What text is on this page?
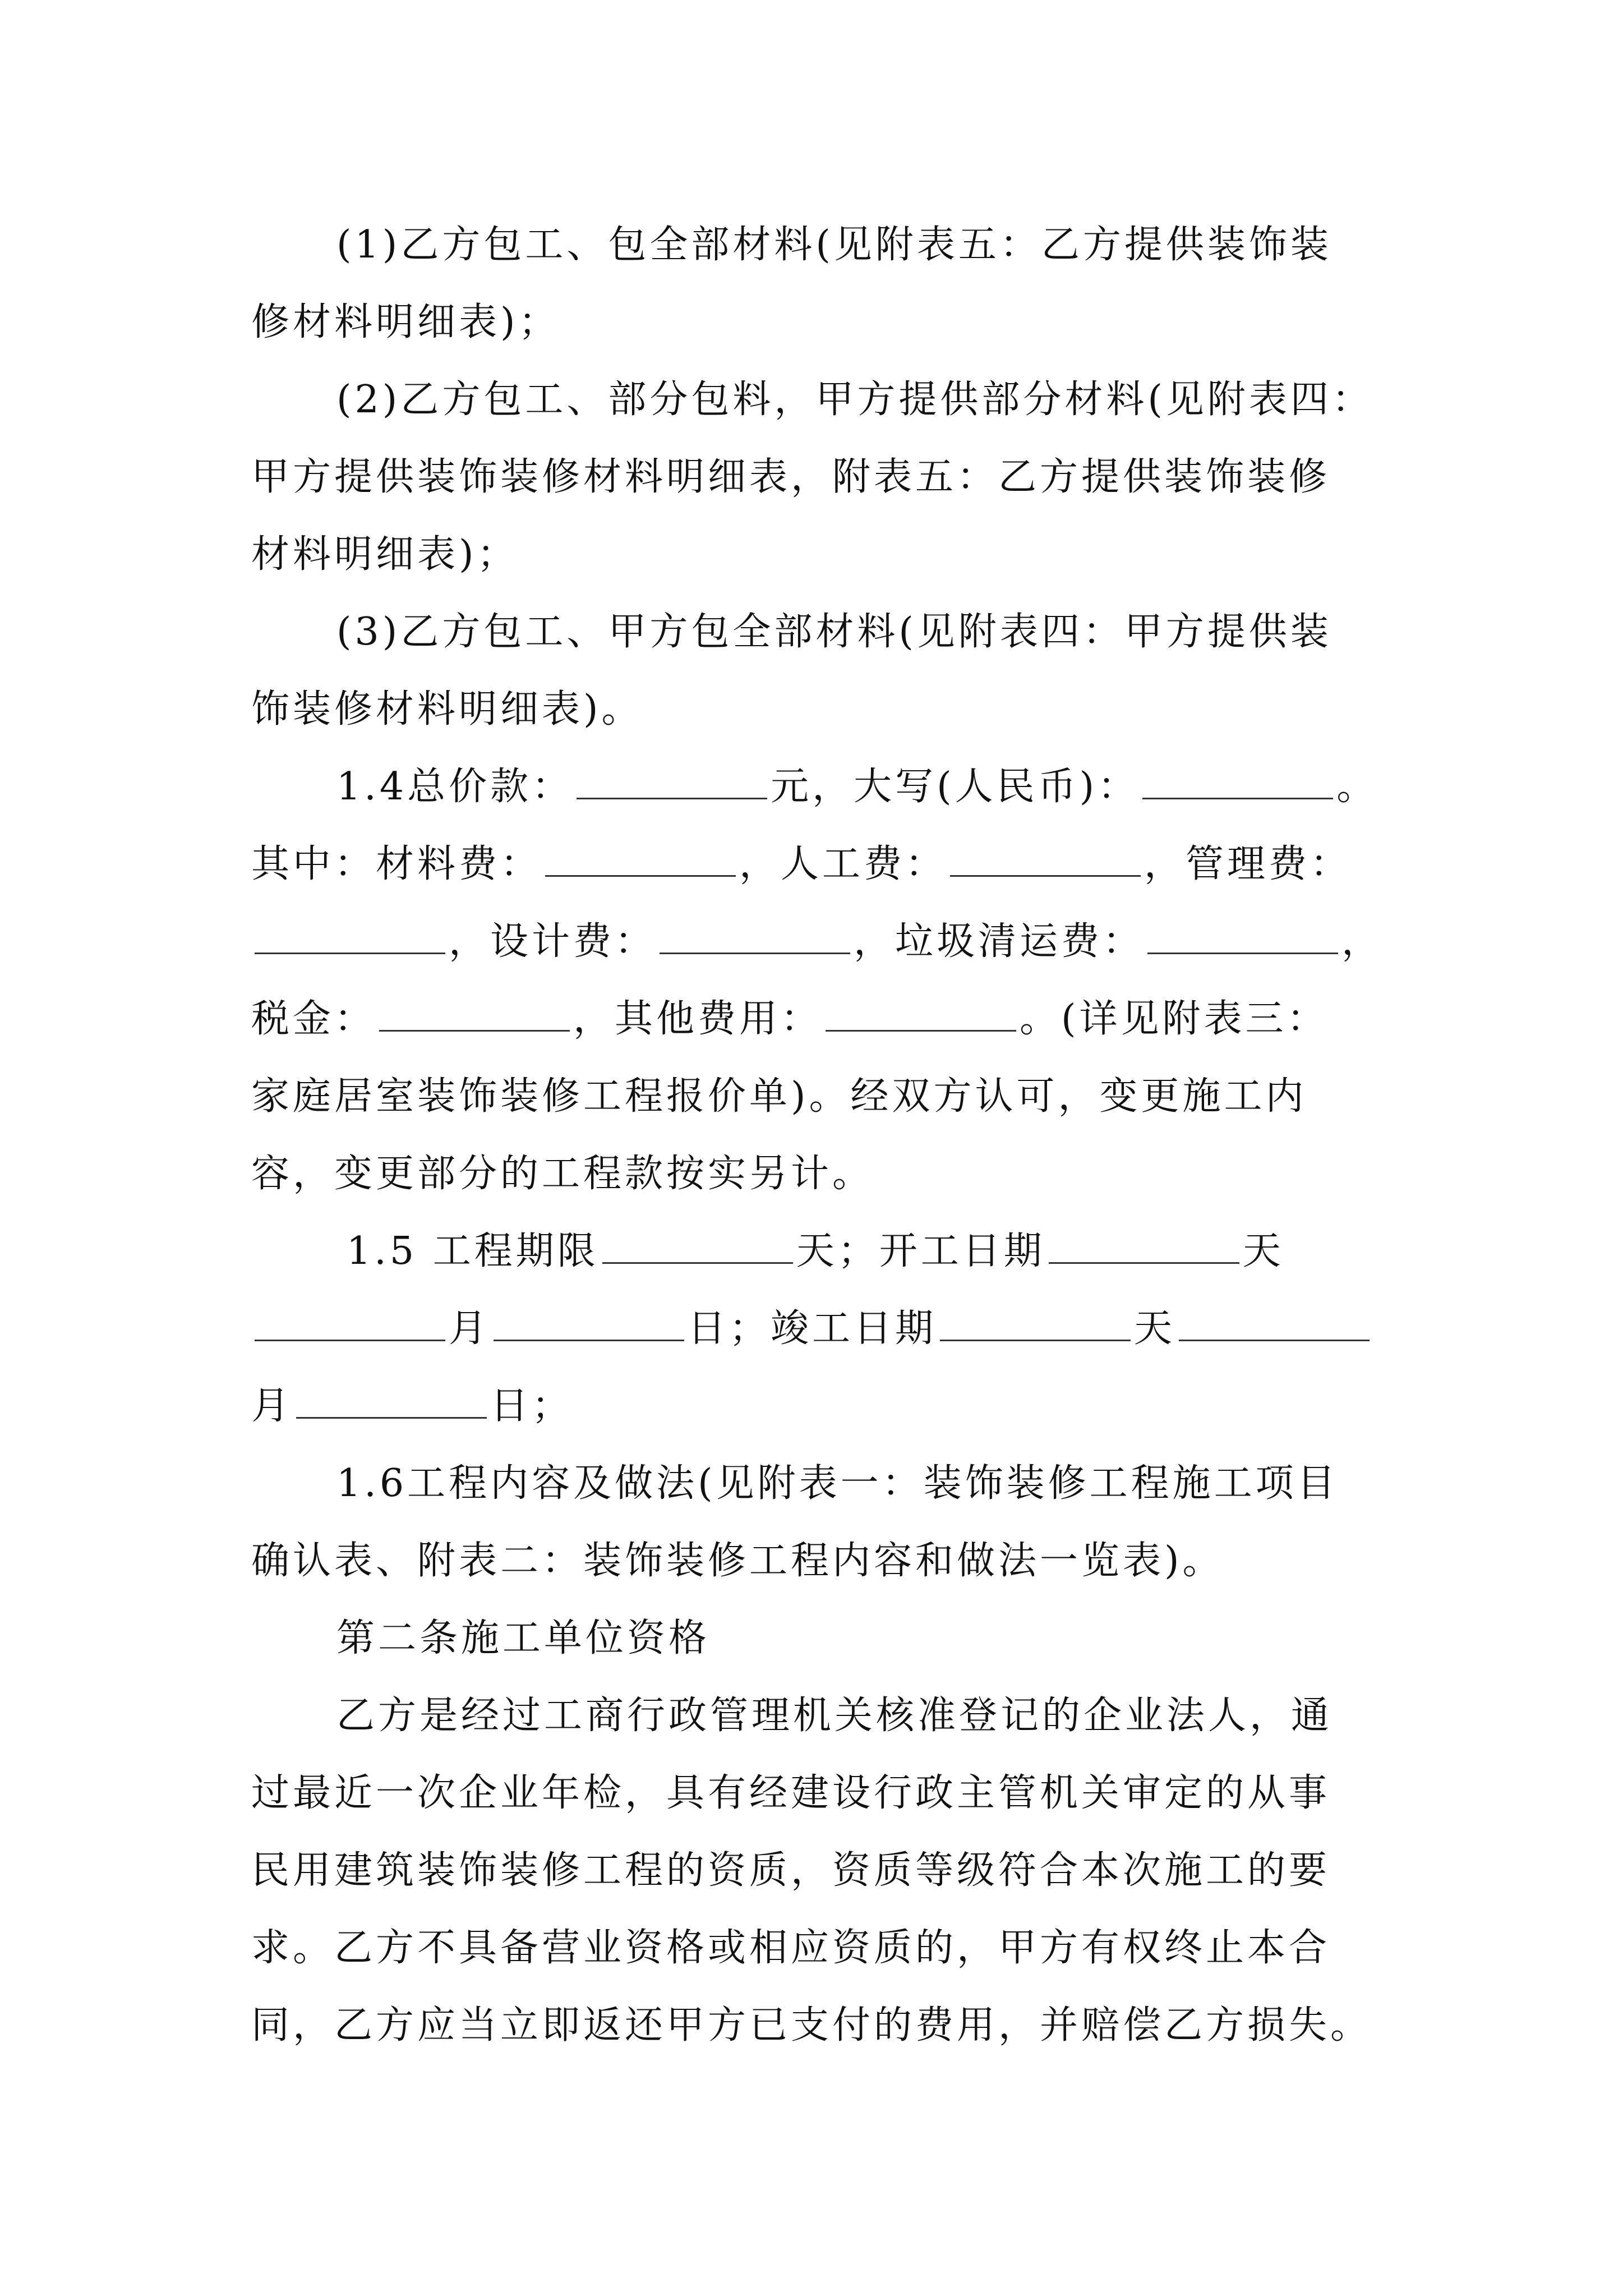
(1)乙方包工、包全部材料(见附表五：乙方提供装饰装
修材料明细表)；
(2)乙方包工、部分包料，甲方提供部分材料(见附表四：
甲方提供装饰装修材料明细表，附表五：乙方提供装饰装修
材料明细表)；
(3)乙方包工、甲方包全部材料(见附表四：甲方提供装
饰装修材料明细表)。
1.4总价款：	元，大写(人民币)：	。
其中：材料费：	，人工费：	，管理费：
，设计费：	，垃圾清运费：	，
税金：	，其他费用：	。(详见附表三：
家庭居室装饰装修工程报价单)。经双方认可，变更施工内
容，变更部分的工程款按实另计。
1.5 工程期限	天；开工日期	天
月	日；竣工日期	天
月	日；
1.6工程内容及做法(见附表一：装饰装修工程施工项目
确认表、附表二：装饰装修工程内容和做法一览表)。
第二条施工单位资格
乙方是经过工商行政管理机关核准登记的企业法人，通
过最近一次企业年检，具有经建设行政主管机关审定的从事
民用建筑装饰装修工程的资质，资质等级符合本次施工的要
求。乙方不具备营业资格或相应资质的，甲方有权终止本合
同，乙方应当立即返还甲方已支付的费用，并赔偿乙方损失。
